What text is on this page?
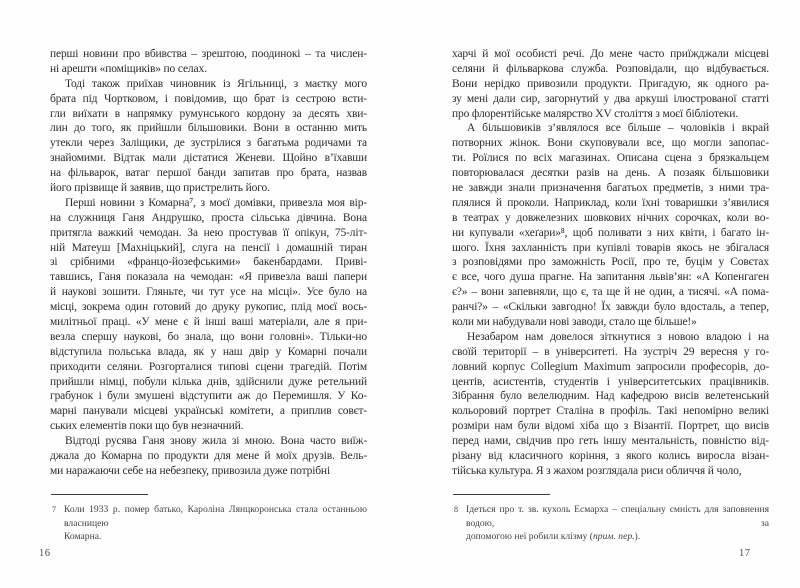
перші новини про вбивства – зрештою, поодинокі – та числен-
ні арешти «поміщиків» по селах.
Тоді також приїхав чиновник із Ягільниці, з маєтку мого
брата під Чортковом, і повідомив, що брат із сестрою всти-
гли виїхати в напрямку румунського кордону за десять хви-
лин до того, як прийшли більшовики. Вони в останню мить
утекли через Заліщики, де зустрілися з багатьма родичами та
знайомими. Відтак мали дістатися Женеви. Щойно в’їхавши
на фільварок, ватаг першої банди запитав про брата, назвав
його прізвище й заявив, що пристрелить його.
Перші новини з Комарна⁷, з моєї домівки, привезла моя вір-
на служниця Ганя Андрушко, проста сільська дівчина. Вона
притягла важкий чемодан. За нею простував її опікун, 75-літ-
ній Матеуш [Махніцький], слуга на пенсії і домашній тиран
зі срібними «францо-йозефськими» бакенбардами. Приві-
тавшись, Ганя показала на чемодан: «Я привезла ваші папери
й наукові зошити. Гляньте, чи тут усе на місці». Усе було на
місці, зокрема один готовий до друку рукопис, плід моєї вось-
милітньої праці. «У мене є й інші ваші матеріали, але я при-
везла спершу наукові, бо знала, що вони головні». Тільки-но
відступила польська влада, як у наш двір у Комарні почали
приходити селяни. Розгорталися типові сцени трагедій. Потім
прийшли німці, побули кілька днів, здійснили дуже ретельний
грабунок і були змушені відступити аж до Перемишля. У Ко-
марні панували місцеві українські комітети, а приплив совєт-
ських елементів поки що був незначний.
Відтоді русява Ганя знову жила зі мною. Вона часто виїж-
джала до Комарна по продукти для мене й моїх друзів. Вель-
ми наражаючи себе на небезпеку, привозила дуже потрібні
7 Коли 1933 р. помер батько, Кароліна Лянцкоронська стала останньою власницею
Комарна.
16
харчі й мої особисті речі. До мене часто приїжджали місцеві
селяни й фільваркова служба. Розповідали, що відбувається.
Вони нерідко привозили продукти. Пригадую, як одного ра-
зу мені дали сир, загорнутий у два аркуші ілюстрованої статті
про флорентійське малярство XV століття з моєї бібліотеки.
А більшовиків з’являлося все більше – чоловіків і вкрай
потворних жінок. Вони скуповували все, що могли запопас-
ти. Роїлися по всіх магазинах. Описана сцена з брязкальцем
повторювалася десятки разів на день. А позаяк більшовики
не завжди знали призначення багатьох предметів, з ними тра-
плялися й проколи. Наприклад, коли їхні товаришки з’явилися
в театрах у довжелезних шовкових нічних сорочках, коли во-
ни купували «хеґари»⁸, щоб поливати з них квіти, і багато ін-
шого. Їхня захланність при купівлі товарів якось не збігалася
з розповідями про заможність Росії, про те, буцім у Совєтах
є все, чого душа прагне. На запитання львів’ян: «А Копенгаген
є?» – вони запевняли, що є, та ще й не один, а тисячі. «А пома-
ранчі?» – «Скільки завгодно! Їх завжди було вдосталь, а тепер,
коли ми набудували нові заводи, стало ще більше!»
Незабаром нам довелося зіткнутися з новою владою і на
своїй території – в університеті. На зустріч 29 вересня у го-
ловний корпус Collegium Maximum запросили професорів, до-
центів, асистентів, студентів і університетських працівників.
Зібрання було велелюдним. Над кафедрою висів велетенський
кольоровий портрет Сталіна в профіль. Такі непомірно великі
розміри нам були відомі хіба що з Візантії. Портрет, що висів
перед нами, свідчив про геть іншу ментальність, повністю від-
різану від класичного коріння, з якого колись виросла візан-
тійська культура. Я з жахом розглядала риси обличчя й чоло,
8 Ідеться про т. зв. кухоль Есмарха – спеціальну ємність для заповнення водою, за
допомогою неї робили клізму (прим. пер.).
17
